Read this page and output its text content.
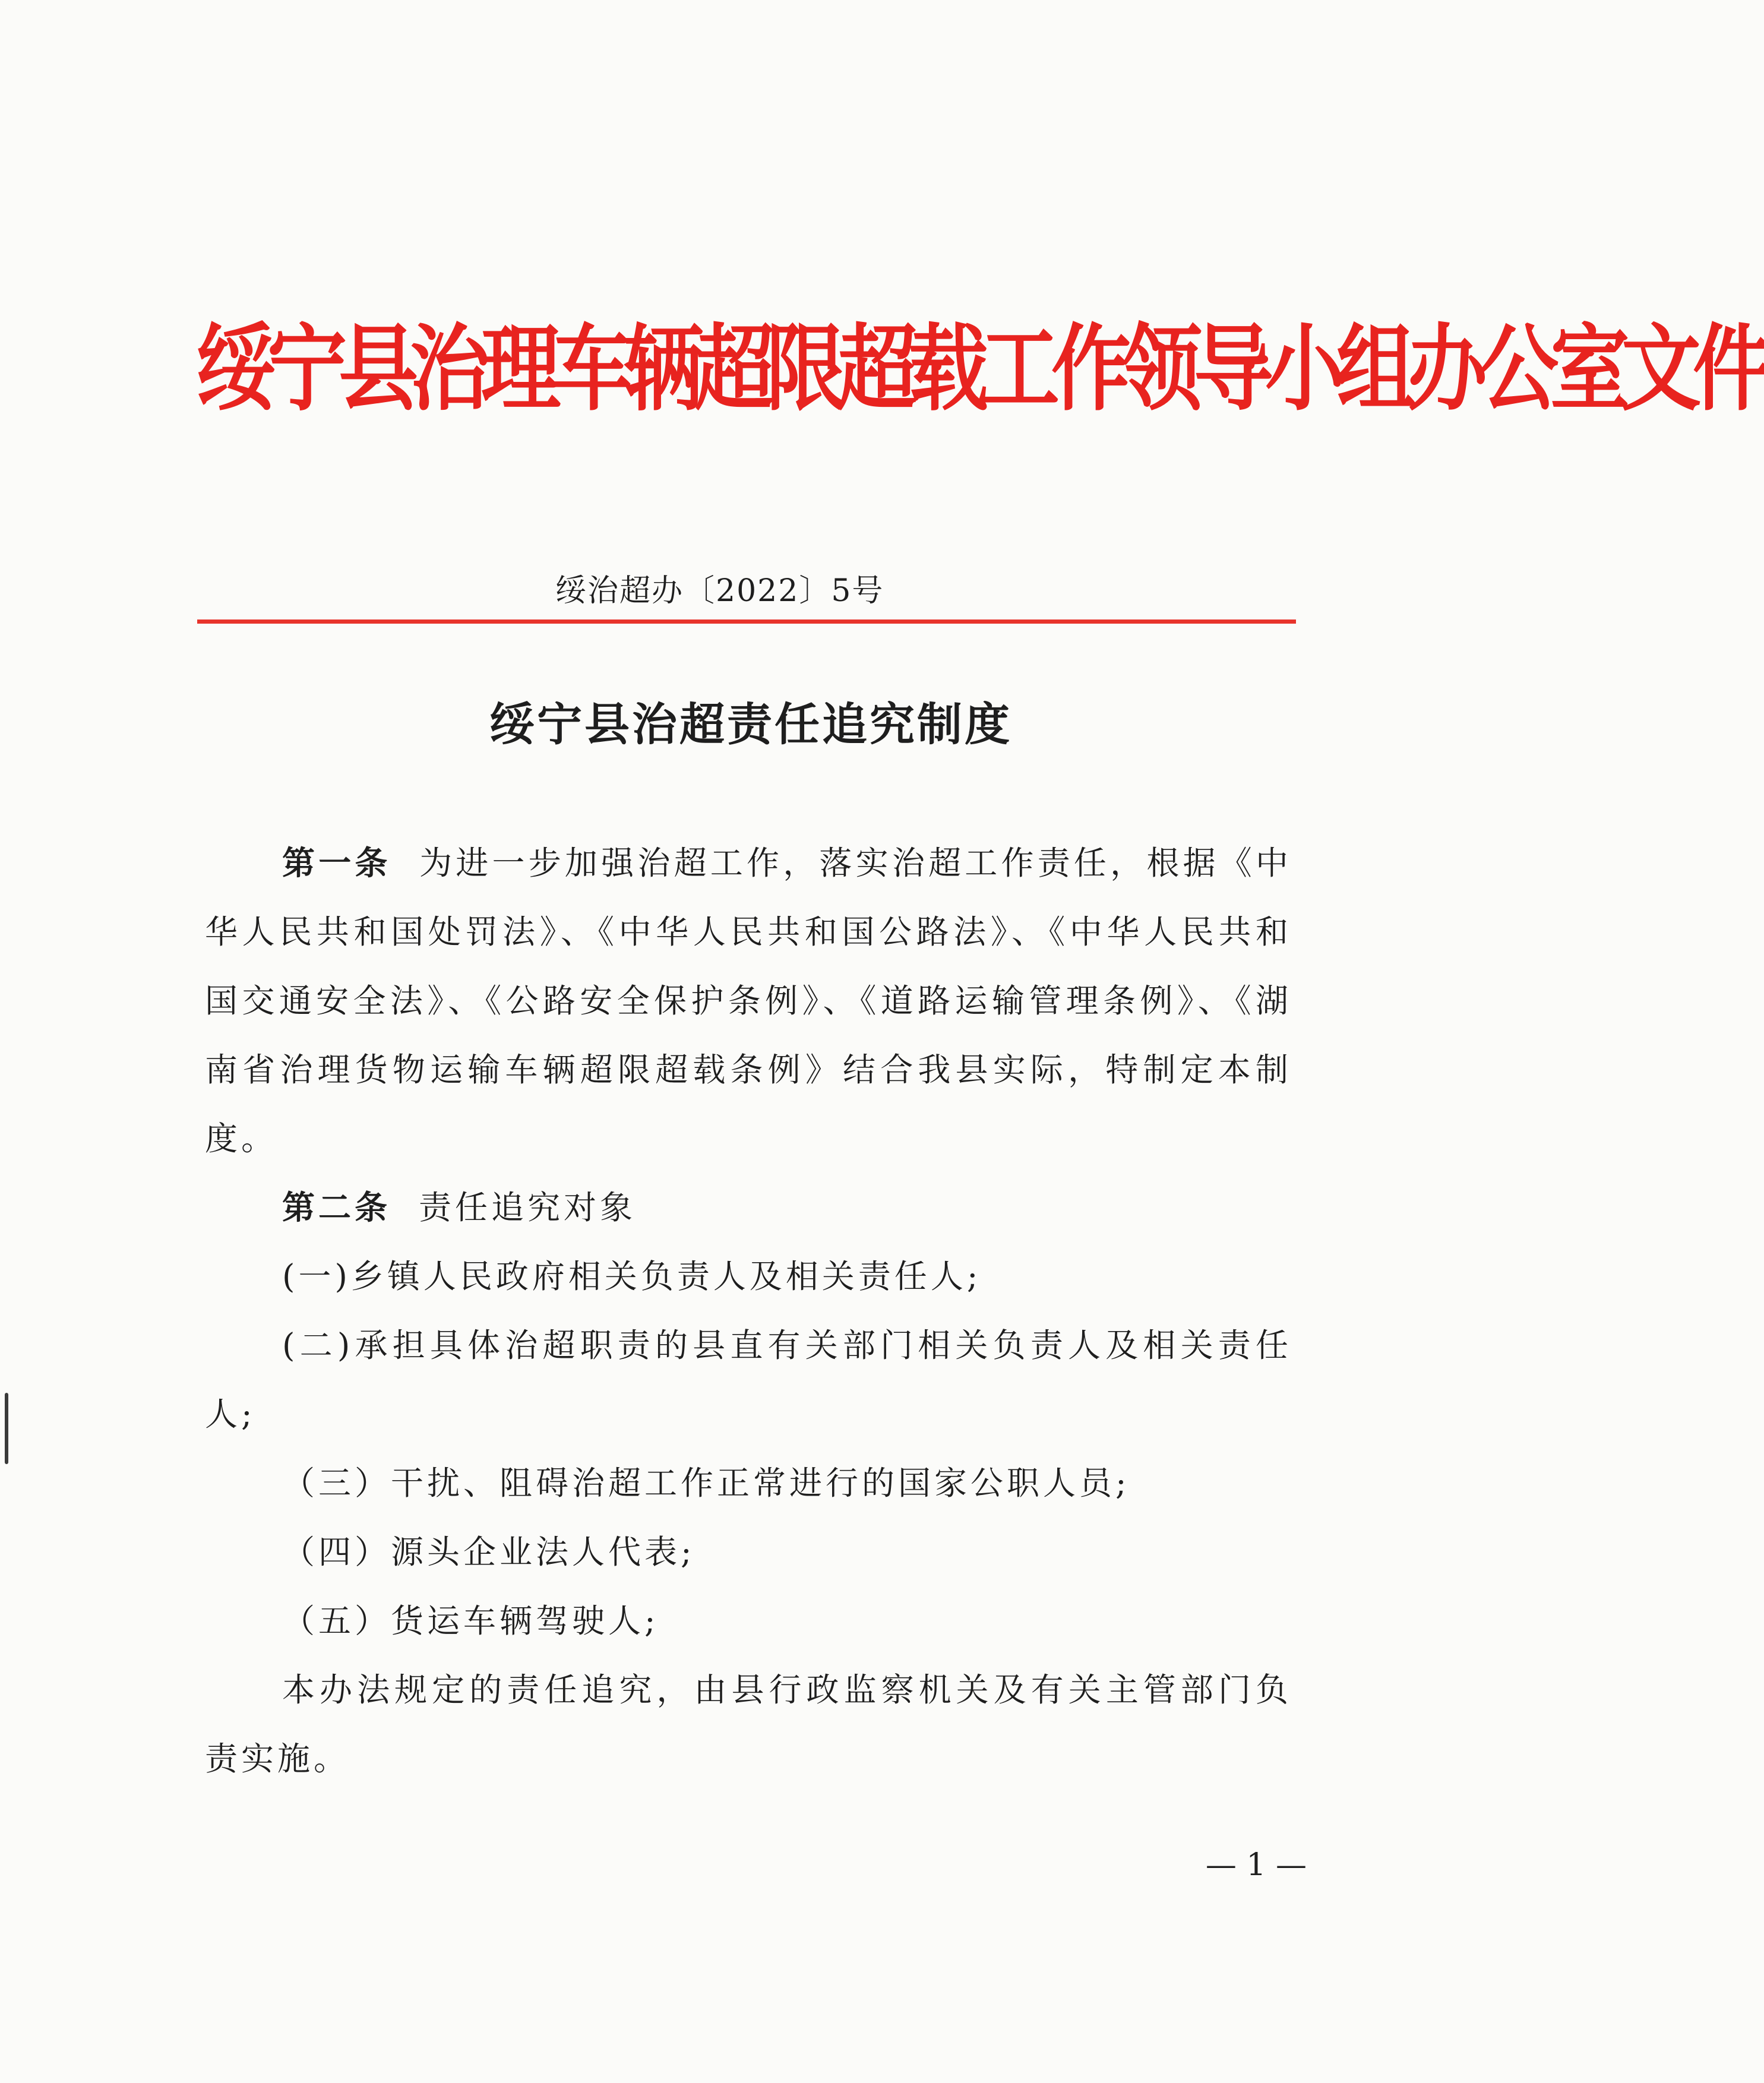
绥宁县治理车辆超限超载工作领导小组办公室文件
绥治超办〔2022〕5号
绥宁县治超责任追究制度

第一条 为进一步加强治超工作，落实治超工作责任，根据《中华人民共和国处罚法》、《中华人民共和国公路法》、《中华人民共和国交通安全法》、《公路安全保护条例》、《道路运输管理条例》、《湖南省治理货物运输车辆超限超载条例》结合我县实际，特制定本制度。

第二条 责任追究对象

(一)乡镇人民政府相关负责人及相关责任人;

(二)承担具体治超职责的县直有关部门相关负责人及相关责任人;

（三）干扰、阻碍治超工作正常进行的国家公职人员;

（四）源头企业法人代表;

（五）货运车辆驾驶人;

本办法规定的责任追究，由县行政监察机关及有关主管部门负责实施。

— 1 —
